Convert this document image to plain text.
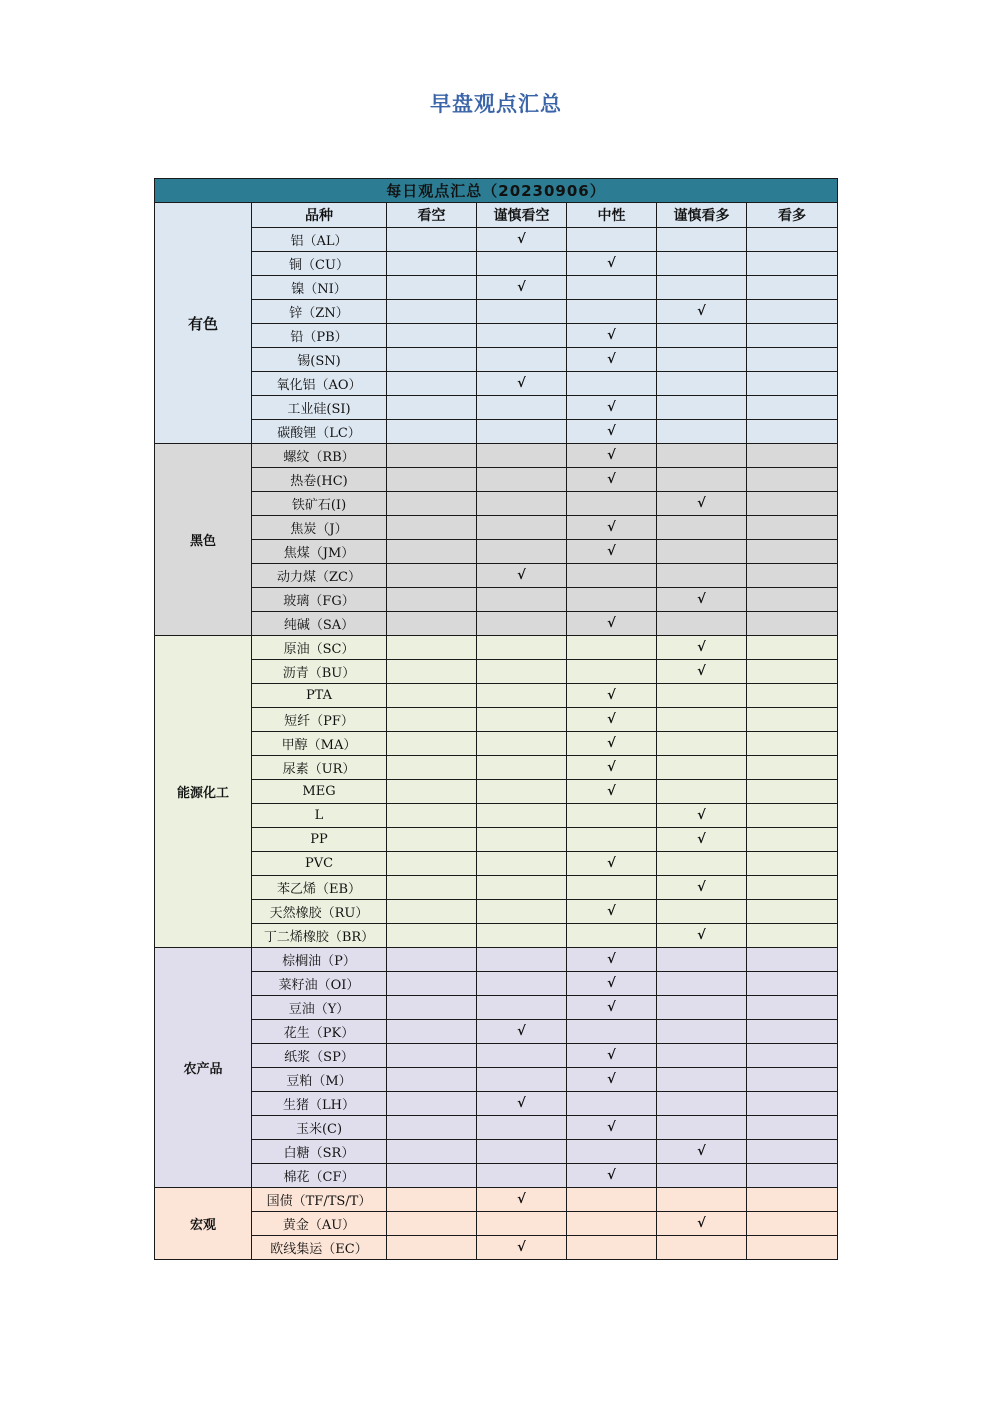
早盘观点汇总
每日观点汇总（20230906）						
有色	品种	看空	谨慎看空	中性	谨慎看多	看多
	铝（AL）		√			
	铜（CU）			√		
	镍（NI）		√			
	锌（ZN）				√	
	铅（PB）			√		
	锡(SN)			√		
	氧化铝（AO）		√			
	工业硅(SI)			√		
	碳酸锂（LC）			√		
黑色	螺纹（RB）			√		
	热卷(HC)			√		
	铁矿石(I)				√	
	焦炭（J）			√		
	焦煤（JM）			√		
	动力煤（ZC）		√			
	玻璃（FG）				√	
	纯碱（SA）			√		
能源化工	原油（SC）				√	
	沥青（BU）				√	
	PTA			√		
	短纤（PF）			√		
	甲醇（MA）			√		
	尿素（UR）			√		
	MEG			√		
	L				√	
	PP				√	
	PVC			√		
	苯乙烯（EB）				√	
	天然橡胶（RU）			√		
	丁二烯橡胶（BR）				√	
农产品	棕榈油（P）			√		
	菜籽油（OI）			√		
	豆油（Y）			√		
	花生（PK）		√			
	纸浆（SP）			√		
	豆粕（M）			√		
	生猪（LH）		√			
	玉米(C)			√		
	白糖（SR）				√	
	棉花（CF）			√		
宏观	国债（TF/TS/T）		√			
	黄金（AU）				√	
	欧线集运（EC）		√			
